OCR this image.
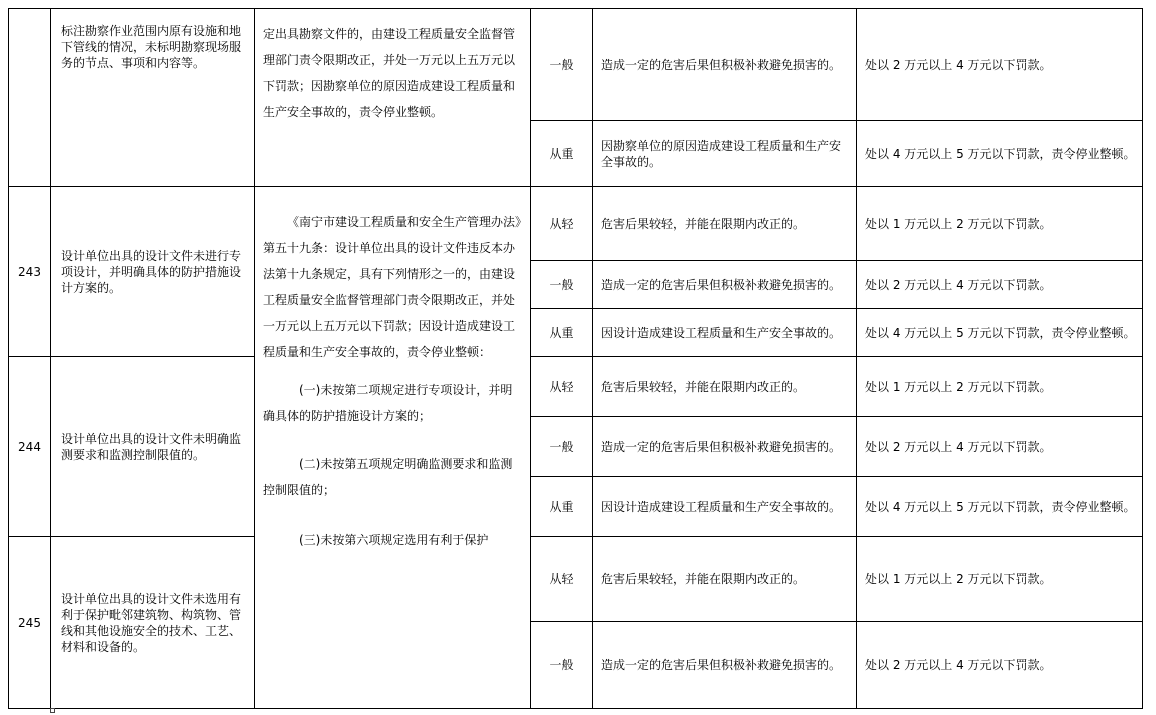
	标注勘察作业范围内原有设施和地下管线的情况，未标明勘察现场服务的节点、事项和内容等。	定出具勘察文件的，由建设工程质量安全监督管理部门责令限期改正，并处一万元以上五万元以下罚款；因勘察单位的原因造成建设工程质量和生产安全事故的，责令停业整顿。	一般	造成一定的危害后果但积极补救避免损害的。	处以 2 万元以上 4 万元以下罚款。
			从重	因勘察单位的原因造成建设工程质量和生产安全事故的。	处以 4 万元以上 5 万元以下罚款，责令停业整顿。
243	设计单位出具的设计文件未进行专项设计，并明确具体的防护措施设计方案的。	《南宁市建设工程质量和安全生产管理办法》第五十九条：设计单位出具的设计文件违反本办法第十九条规定，具有下列情形之一的，由建设工程质量安全监督管理部门责令限期改正，并处一万元以上五万元以下罚款；因设计造成建设工程质量和生产安全事故的，责令停业整顿：

(一)未按第二项规定进行专项设计，并明确具体的防护措施设计方案的；

(二)未按第五项规定明确监测要求和监测控制限值的；

(三)未按第六项规定选用有利于保护	从轻	危害后果较轻，并能在限期内改正的。	处以 1 万元以上 2 万元以下罚款。
			一般	造成一定的危害后果但积极补救避免损害的。	处以 2 万元以上 4 万元以下罚款。
			从重	因设计造成建设工程质量和生产安全事故的。	处以 4 万元以上 5 万元以下罚款，责令停业整顿。
244	设计单位出具的设计文件未明确监测要求和监测控制限值的。		从轻	危害后果较轻，并能在限期内改正的。	处以 1 万元以上 2 万元以下罚款。
			一般	造成一定的危害后果但积极补救避免损害的。	处以 2 万元以上 4 万元以下罚款。
			从重	因设计造成建设工程质量和生产安全事故的。	处以 4 万元以上 5 万元以下罚款，责令停业整顿。
245	设计单位出具的设计文件未选用有利于保护毗邻建筑物、构筑物、管线和其他设施安全的技术、工艺、材料和设备的。		从轻	危害后果较轻，并能在限期内改正的。	处以 1 万元以上 2 万元以下罚款。
			一般	造成一定的危害后果但积极补救避免损害的。	处以 2 万元以上 4 万元以下罚款。
